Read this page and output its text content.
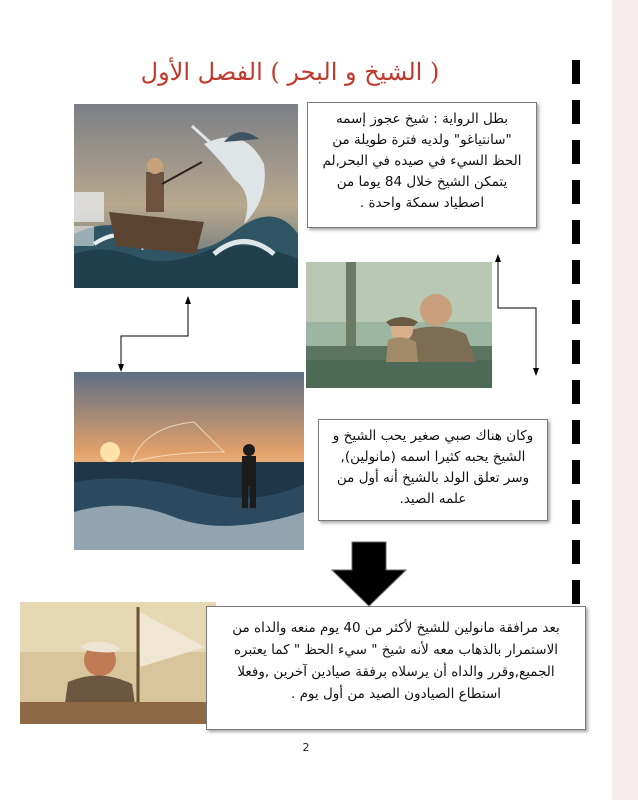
( الشيخ و البحر ) الفصل الأول
بطل الرواية : شيخ عجوز إسمه "سانتياغو" ولديه فترة طويلة من الحظ السيء في صيده في البحر,لم يتمكن الشيخ خلال 84 يوما من اصطياد سمكة واحدة .
وكان هناك صبي صغير يحب الشيخ و الشيخ يحبه كثيرا اسمه (مانولين), وسر تعلق الولد بالشيخ أنه أول من علمه الصيد.
بعد مرافقة مانولين للشيخ لأكثر من 40 يوم منعه والداه من الاستمرار بالذهاب معه لأنه شيخ " سيء الحظ " كما يعتبره الجميع,وقرر والداه أن يرسلاه برفقة صيادين آخرين ,وفعلا استطاع الصيادون الصيد من أول يوم .
2
